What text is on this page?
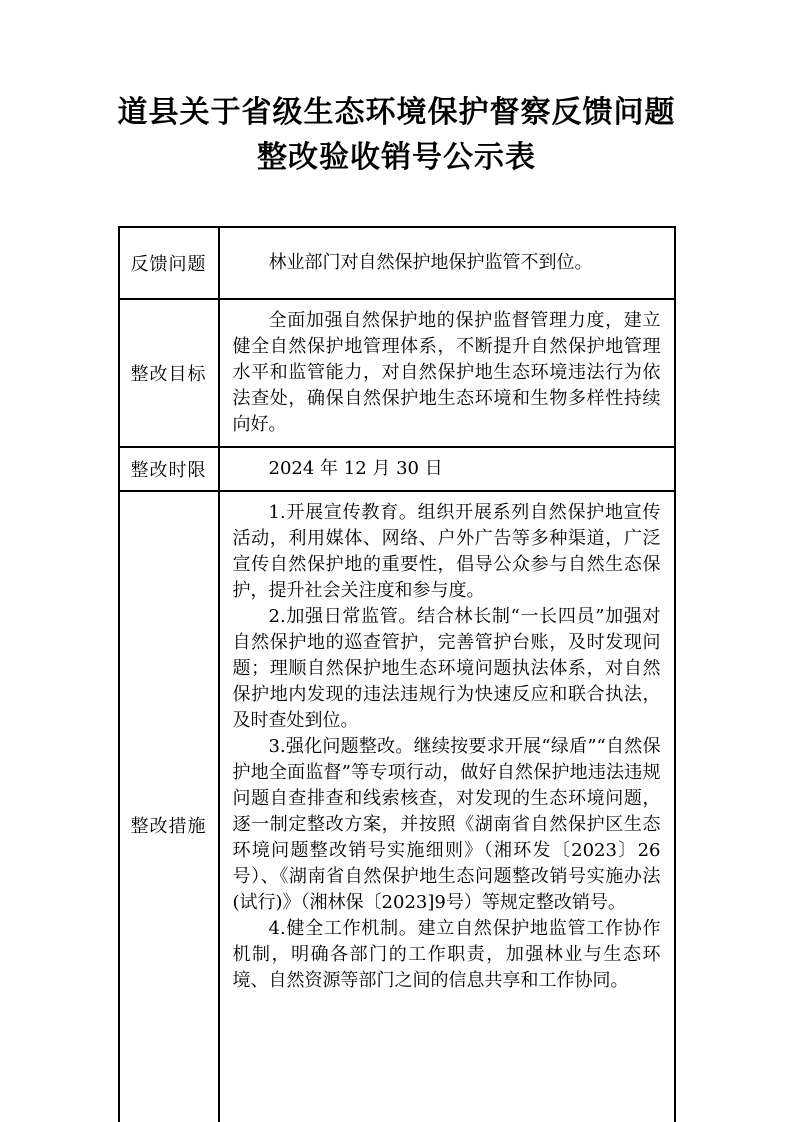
道县关于省级生态环境保护督察反馈问题
整改验收销号公示表
反馈问题	林业部门对自然保护地保护监管不到位。

整改目标	全面加强自然保护地的保护监督管理力度，建立健全自然保护地管理体系，不断提升自然保护地管理水平和监管能力，对自然保护地生态环境违法行为依法查处，确保自然保护地生态环境和生物多样性持续向好。

整改时限	2024 年 12 月 30 日

整改措施	1.开展宣传教育。组织开展系列自然保护地宣传活动，利用媒体、网络、户外广告等多种渠道，广泛宣传自然保护地的重要性，倡导公众参与自然生态保护，提升社会关注度和参与度。

2.加强日常监管。结合林长制“一长四员”加强对自然保护地的巡查管护，完善管护台账，及时发现问题；理顺自然保护地生态环境问题执法体系，对自然保护地内发现的违法违规行为快速反应和联合执法，及时查处到位。

3.强化问题整改。继续按要求开展“绿盾”“自然保护地全面监督”等专项行动，做好自然保护地违法违规问题自查排查和线索核查，对发现的生态环境问题，逐一制定整改方案，并按照《湖南省自然保护区生态环境问题整改销号实施细则》（湘环发〔2023〕26号）、《湖南省自然保护地生态问题整改销号实施办法(试行)》（湘林保〔2023]9号）等规定整改销号。

4.健全工作机制。建立自然保护地监管工作协作机制，明确各部门的工作职责，加强林业与生态环境、自然资源等部门之间的信息共享和工作协同。
